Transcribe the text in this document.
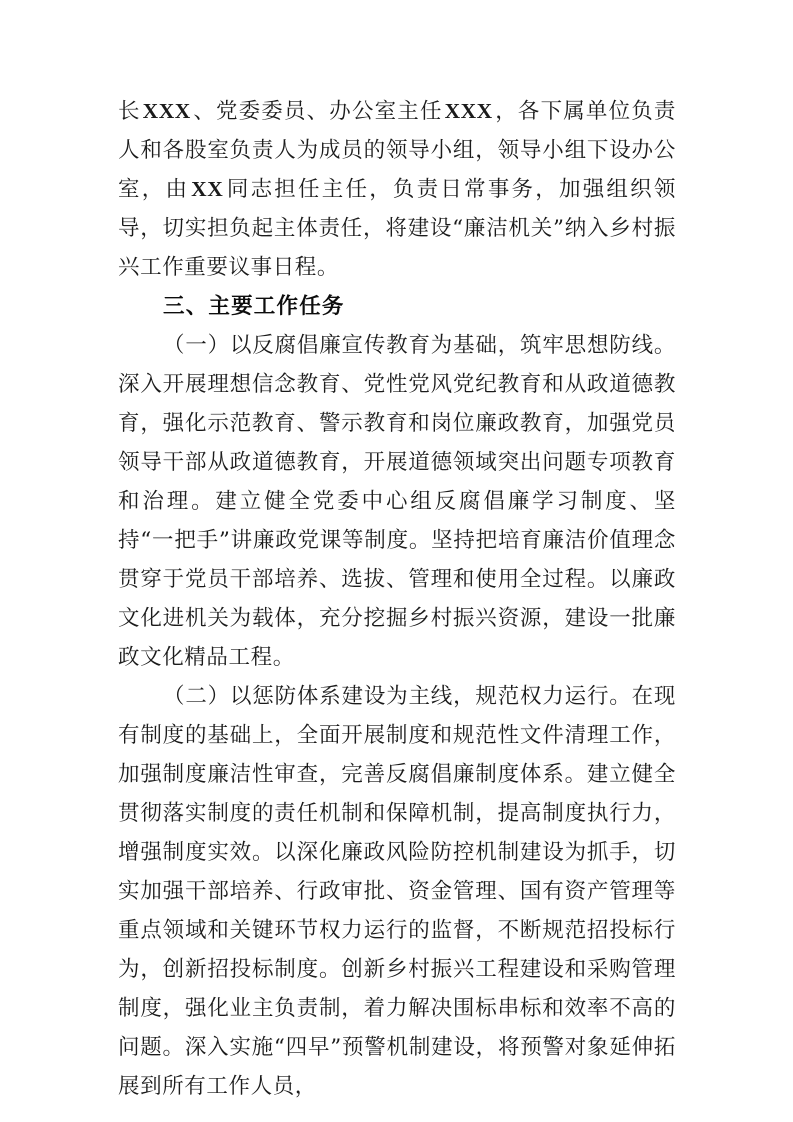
长XXX、党委委员、办公室主任XXX，各下属单位负责人和各股室负责人为成员的领导小组，领导小组下设办公室，由XX同志担任主任，负责日常事务，加强组织领导，切实担负起主体责任，将建设“廉洁机关”纳入乡村振兴工作重要议事日程。
三、主要工作任务
（一）以反腐倡廉宣传教育为基础，筑牢思想防线。深入开展理想信念教育、党性党风党纪教育和从政道德教育，强化示范教育、警示教育和岗位廉政教育，加强党员领导干部从政道德教育，开展道德领域突出问题专项教育和治理。建立健全党委中心组反腐倡廉学习制度、坚持“一把手”讲廉政党课等制度。坚持把培育廉洁价值理念贯穿于党员干部培养、选拔、管理和使用全过程。以廉政文化进机关为载体，充分挖掘乡村振兴资源，建设一批廉政文化精品工程。
（二）以惩防体系建设为主线，规范权力运行。在现有制度的基础上，全面开展制度和规范性文件清理工作，加强制度廉洁性审查，完善反腐倡廉制度体系。建立健全贯彻落实制度的责任机制和保障机制，提高制度执行力，增强制度实效。以深化廉政风险防控机制建设为抓手，切实加强干部培养、行政审批、资金管理、国有资产管理等重点领域和关键环节权力运行的监督，不断规范招投标行为，创新招投标制度。创新乡村振兴工程建设和采购管理制度，强化业主负责制，着力解决围标串标和效率不高的问题。深入实施“四早”预警机制建设，将预警对象延伸拓展到所有工作人员，
